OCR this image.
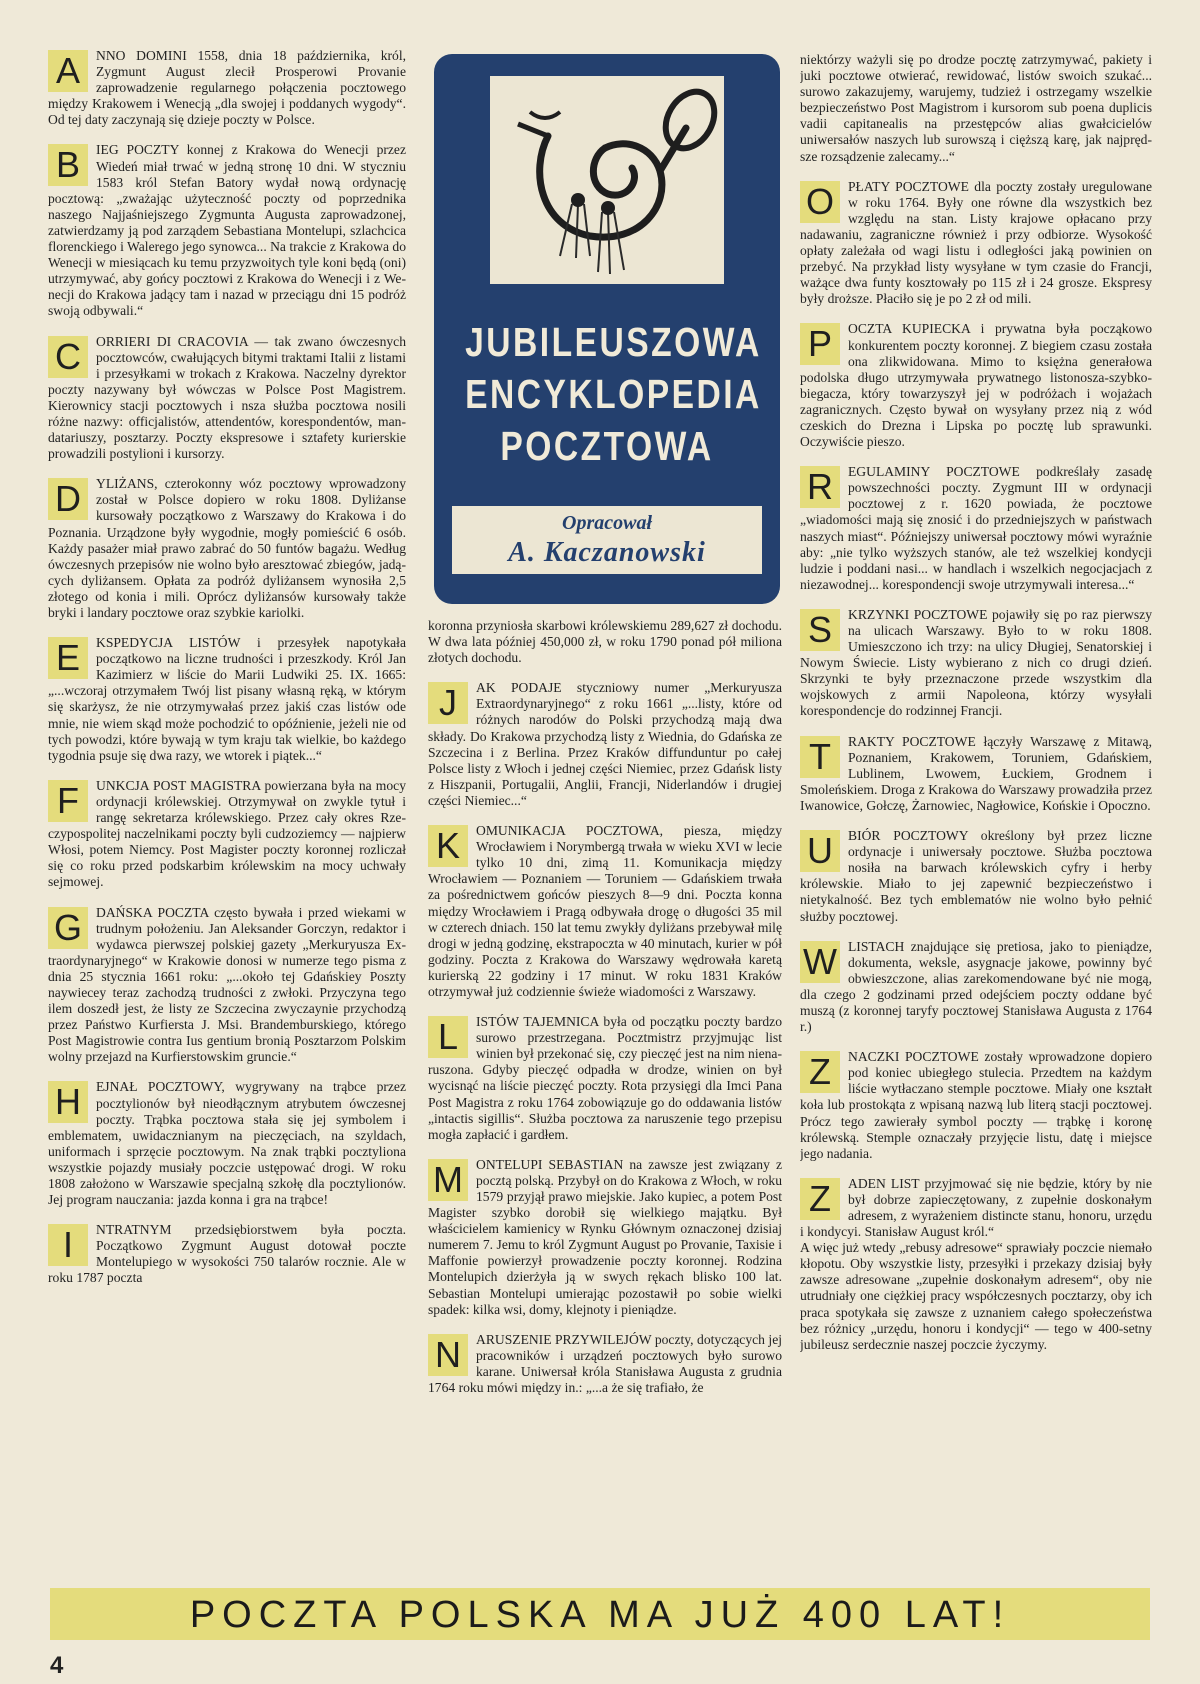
A	NNO DOMINI 1558, dnia 18 października, król, Zygmunt August zlecił Prosperowi Provanie zaprowadzenie regularnego połączenia pocztowego między Krakowem i Wenecją „dla swojej i poddanych wygody“. Od tej daty zaczynają się dzieje poczty w Polsce.
B	IEG POCZTY konnej z Krakowa do Wenecji przez Wiedeń miał trwać w jedną stronę 10 dni. W styczniu 1583 król Stefan Batory wydał nową ordynację pocztową: „zważając użyteczność poczty od poprzednika naszego Najjaśniejszego Zygmunta Augusta zaprowadzonej, zatwierdzamy ją pod zarządem Sebastiana Montelupi, szlachcica florenckiego i Walerego jego synowca... Na trakcie z Krakowa do Wenecji w miesiącach ku temu przyzwoitych tyle koni będą (oni) utrzymywać, aby gońcy pocztowi z Krakowa do Wenecji i z Wenecji do Krakowa jadący tam i nazad w przeciągu dni 15 podróż swoją odbywali.“
C	ORRIERI DI CRACOVIA — tak zwano ówczesnych pocztowców, cwałujących bitymi traktami Italii z listami i przesyłkami w trokach z Krakowa. Naczelny dyrektor poczty nazywany był wówczas w Polsce Post Magistrem. Kierownicy stacji pocztowych i nsza służba pocztowa nosili różne nazwy: officjalistów, attendentów, korespondentów, mandatariuszy, posztarzy. Poczty ekspresowe i sztafety kurierskie prowadzili postylioni i kursorzy.
D	YLIŻANS, czterokonny wóz pocztowy wprowadzony został w Polsce dopiero w roku 1808. Dyliżanse kursowały początkowo z Warszawy do Krakowa i do Poznania. Urządzone były wygodnie, mogły pomieścić 6 osób. Każdy pasażer miał prawo zabrać do 50 funtów bagażu. Według ówczesnych przepisów nie wolno było aresztować zbiegów, jadących dyliżansem. Opłata za podróż dyliżansem wynosiła 2,5 złotego od konia i mili. Oprócz dyliżansów kursowały także bryki i landary pocztowe oraz szybkie kariolki.
E	KSPEDYCJA LISTÓW i przesyłek napotykała początkowo na liczne trudności i przeszkody. Król Jan Kazimierz w liście do Marii Ludwiki 25. IX. 1665: „...wczoraj otrzymałem Twój list pisany własną ręką, w którym się skarżysz, że nie otrzymywałaś przez jakiś czas listów ode mnie, nie wiem skąd może pochodzić to opóźnienie, jeżeli nie od tych powodzi, które bywają w tym kraju tak wielkie, bo każdego tygodnia psuje się dwa razy, we wtorek i piątek...“
F	UNKCJA POST MAGISTRA powierzana była na mocy ordynacji królewskiej. Otrzymywał on zwykle tytuł i rangę sekretarza królewskiego. Przez cały okres Rzeczypospolitej naczelnikami poczty byli cudzoziemcy — najpierw Włosi, potem Niemcy. Post Magister poczty koronnej rozliczał się co roku przed podskarbim królewskim na mocy uchwały sejmowej.
G	DAŃSKA POCZTA często bywała i przed wiekami w trudnym położeniu. Jan Aleksander Gorczyn, redaktor i wydawca pierwszej polskiej gazety „Merkuryusza Extraordynaryjnego“ w Krakowie donosi w numerze tego pisma z dnia 25 stycznia 1661 roku: „...około tej Gdańskiey Poszty naywiecey teraz zachodzą trudności z zwłoki. Przyczyna tego ilem doszedł jest, że listy ze Szczecina zwyczaynie przychodzą przez Państwo Kurfiersta J. Msi. Brandemburskiego, którego Post Magistrowie contra Ius gentium bronią Posztarzom Polskim wolny przejazd na Kurfierstowskim gruncie.“
H	EJNAŁ POCZTOWY, wygrywany na trąbce przez pocztylionów był nieodłącznym atrybutem ówczesnej poczty. Trąbka pocztowa stała się jej symbolem i emblematem, uwidacznianym na pieczęciach, na szyldach, uniformach i sprzęcie pocztowym. Na znak trąbki pocztyliona wszystkie pojazdy musiały poczcie ustępować drogi. W roku 1808 założono w Warszawie specjalną szkołę dla pocztylionów. Jej program nauczania: jazda konna i gra na trąbce!
I	NTRATNYM przedsiębiorstwem była poczta. Początkowo Zygmunt August dotował poczte Montelupiego w wysokości 750 talarów rocznie. Ale w roku 1787 poczta
JUBILEUSZOWA
ENCYKLOPEDIA
POCZTOWA
Opracował
A. Kaczanowski
koronna przyniosła skarbowi królewskiemu 289,627 zł dochodu. W dwa lata później 450,000 zł, w roku 1790 ponad pół miliona złotych dochodu.
J	AK PODAJE styczniowy numer „Merkuryusza Extraordynaryjnego“ z roku 1661 „...listy, które od różnych narodów do Polski przychodzą mają dwa składy. Do Krakowa przychodzą listy z Wiednia, do Gdańska ze Szczecina i z Berlina. Przez Kraków diffunduntur po całej Polsce listy z Włoch i jednej części Niemiec, przez Gdańsk listy z Hiszpanii, Portugalii, Anglii, Francji, Niderlandów i drugiej części Niemiec...“
K	OMUNIKACJA POCZTOWA, piesza, między Wrocławiem i Norymbergą trwała w wieku XVI w lecie tylko 10 dni, zimą 11. Komunikacja między Wrocławiem — Poznaniem — Toruniem — Gdańskiem trwała za pośrednictwem gońców pieszych 8—9 dni. Poczta konna między Wrocławiem i Pragą odbywała drogę o długości 35 mil w czterech dniach. 150 lat temu zwykły dyliżans przebywał milę drogi w jedną godzinę, ekstrapoczta w 40 minutach, kurier w pół godziny. Poczta z Krakowa do Warszawy wędrowała karetą kurierską 22 godziny i 17 minut. W roku 1831 Kraków otrzymywał już codziennie świeże wiadomości z Warszawy.
L	ISTÓW TAJEMNICA była od początku poczty bardzo surowo przestrzegana. Pocztmistrz przyjmując list winien był przekonać się, czy pieczęć jest na nim nienaruszona. Gdyby pieczęć odpadła w drodze, winien on był wycisnąć na liście pieczęć poczty. Rota przysięgi dla Imci Pana Post Magistra z roku 1764 zobowiązuje go do oddawania listów „intactis sigillis“. Służba pocztowa za naruszenie tego przepisu mogła zapłacić i gardłem.
M ONTELUPI SEBASTIAN na zawsze jest związany z pocztą polską. Przybył on do Krakowa z Włoch, w roku 1579 przyjął prawo miejskie. Jako kupiec, a potem Post Magister szybko dorobił się wielkiego majątku. Był właścicielem kamienicy w Rynku Głównym oznaczonej dzisiaj numerem 7. Jemu to król Zygmunt August po Provanie, Taxisie i Maffonie powierzył prowadzenie poczty koronnej. Rodzina Montelupich dzierżyła ją w swych rękach blisko 100 lat. Sebastian Montelupi umierając pozostawił po sobie wielki spadek: kilka wsi, domy, klejnoty i pieniądze.
N	ARUSZENIE PRZYWILEJÓW poczty, dotyczących jej pracowników i urządzeń pocztowych było surowo karane. Uniwersał króla Stanisława Augusta z grudnia 1764 roku mówi między in.: „...a że się trafiało, że
niektórzy ważyli się po drodze pocztę zatrzymywać, pakiety i juki pocztowe otwierać, rewidować, listów swoich szukać... surowo zakazujemy, warujemy, tudzież i ostrzegamy wszelkie bezpieczeństwo Post Magistrom i kursorom sub poena duplicis vadii capitanealis na przestępców alias gwałcicielów uniwersałów naszych lub surowszą i cięższą karę, jak najprędsze rozsądzenie zalecamy...“
O	PŁATY POCZTOWE dla poczty zostały uregulowane w roku 1764. Były one równe dla wszystkich bez względu na stan. Listy krajowe opłacano przy nadawaniu, zagraniczne również i przy odbiorze. Wysokość opłaty zależała od wagi listu i odległości jaką powinien on przebyć. Na przykład listy wysyłane w tym czasie do Francji, ważące dwa funty kosztowały po 115 zł i 24 grosze. Ekspresy były droższe. Płaciło się je po 2 zł od mili.
P	OCZTA KUPIECKA i prywatna była począkowo konkurentem poczty koronnej. Z biegiem czasu została ona zlikwidowana. Mimo to księżna generałowa podolska długo utrzymywała prywatnego listonosza-szybkobiegacza, który towarzyszył jej w podróżach i wojażach zagranicznych. Często bywał on wysyłany przez nią z wód czeskich do Drezna i Lipska po pocztę lub sprawunki. Oczywiście pieszo.
R	EGULAMINY POCZTOWE podkreślały zasadę powszechności poczty. Zygmunt III w ordynacji pocztowej z r. 1620 powiada, że pocztowe „wiadomości mają się znosić i do przedniejszych w państwach naszych miast“. Późniejszy uniwersał pocztowy mówi wyraźnie aby: „nie tylko wyższych stanów, ale też wszelkiej kondycji ludzie i poddani nasi... w handlach i wszelkich negocjacjach z niezawodnej... korespondencji swoje utrzymywali interesa...“
S	KRZYNKI POCZTOWE pojawiły się po raz pierwszy na ulicach Warszawy. Było to w roku 1808. Umieszczono ich trzy: na ulicy Długiej, Senatorskiej i Nowym Świecie. Listy wybierano z nich co drugi dzień. Skrzynki te były przeznaczone przede wszystkim dla wojskowych z armii Napoleona, którzy wysyłali korespondencje do rodzinnej Francji.
T	RAKTY POCZTOWE łączyły Warszawę z Mitawą, Poznaniem, Krakowem, Toruniem, Gdańskiem, Lublinem, Lwowem, Łuckiem, Grodnem i Smoleńskiem. Droga z Krakowa do Warszawy prowadziła przez Iwanowice, Gołczę, Żarnowiec, Nagłowice, Końskie i Opoczno.
U	BIÓR POCZTOWY określony był przez liczne ordynacje i uniwersały pocztowe. Służba pocztowa nosiła na barwach królewskich cyfry i herby królewskie. Miało to jej zapewnić bezpieczeństwo i nietykalność. Bez tych emblematów nie wolno było pełnić służby pocztowej.
W LISTACH znajdujące się pretiosa, jako to pieniądze, dokumenta, weksle, asygnacje jakowe, powinny być obwieszczone, alias zarekomendowane być nie mogą, dla czego 2 godzinami przed odejściem poczty oddane być muszą (z koronnej taryfy pocztowej Stanisława Augusta z 1764 r.)
Z	NACZKI POCZTOWE zostały wprowadzone dopiero pod koniec ubiegłego stulecia. Przedtem na każdym liście wytłaczano stemple pocztowe. Miały one kształt koła lub prostokąta z wpisaną nazwą lub literą stacji pocztowej. Prócz tego zawierały symbol poczty — trąbkę i koronę królewską. Stemple oznaczały przyjęcie listu, datę i miejsce jego nadania.
Z	ADEN LIST przyjmować się nie będzie, który by nie był dobrze zapieczętowany, z zupełnie doskonałym adresem, z wyrażeniem distincte stanu, honoru, urzędu i kondycyi. Stanisław August król.“
A więc już wtedy „rebusy adresowe“ sprawiały poczcie niemało kłopotu. Oby wszystkie listy, przesyłki i przekazy dzisiaj były zawsze adresowane „zupełnie doskonałym adresem“, oby nie utrudniały one ciężkiej pracy współczesnych pocztarzy, oby ich praca spotykała się zawsze z uznaniem całego społeczeństwa bez różnicy „urzędu, honoru i kondycji“ — tego w 400-setny jubileusz serdecznie naszej poczcie życzymy.
POCZTA POLSKA MA JUŻ 400 LAT!
4
